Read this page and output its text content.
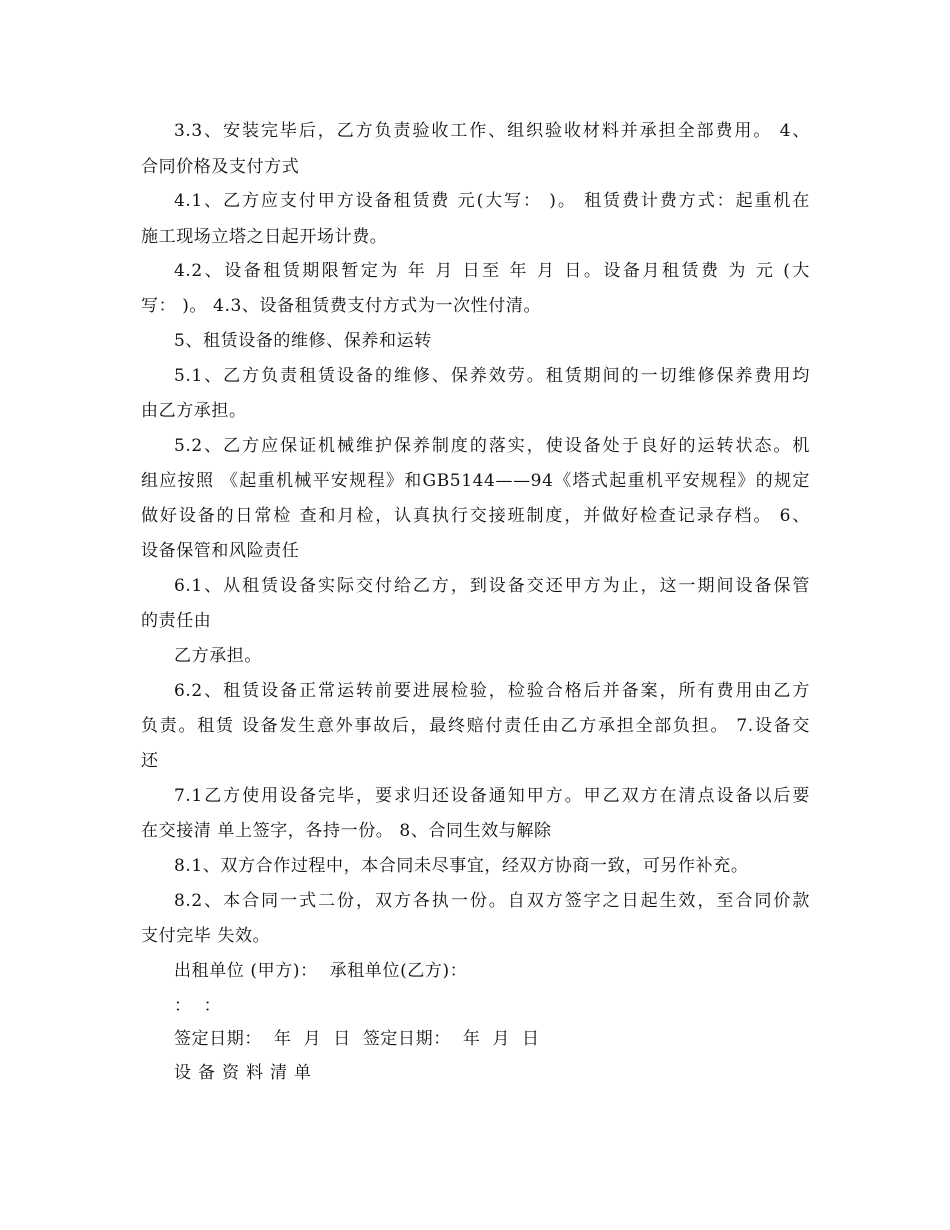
3.3、安装完毕后，乙方负责验收工作、组织验收材料并承担全部费用。 4、
合同价格及支付方式
4.1、乙方应支付甲方设备租赁费 元(大写： )。 租赁费计费方式：起重机在
施工现场立塔之日起开场计费。
4.2、设备租赁期限暂定为 年 月 日至 年 月 日。设备月租赁费 为 元 (大
写： )。 4.3、设备租赁费支付方式为一次性付清。
5、租赁设备的维修、保养和运转
5.1、乙方负责租赁设备的维修、保养效劳。租赁期间的一切维修保养费用均
由乙方承担。
5.2、乙方应保证机械维护保养制度的落实，使设备处于良好的运转状态。机
组应按照 《起重机械平安规程》和GB5144——94《塔式起重机平安规程》的规定
做好设备的日常检 查和月检，认真执行交接班制度，并做好检查记录存档。 6、
设备保管和风险责任
6.1、从租赁设备实际交付给乙方，到设备交还甲方为止，这一期间设备保管
的责任由
乙方承担。
6.2、租赁设备正常运转前要进展检验，检验合格后并备案，所有费用由乙方
负责。租赁 设备发生意外事故后，最终赔付责任由乙方承担全部负担。 7.设备交
还
7.1乙方使用设备完毕，要求归还设备通知甲方。甲乙双方在清点设备以后要
在交接清 单上签字，各持一份。 8、合同生效与解除
8.1、双方合作过程中，本合同未尽事宜，经双方协商一致，可另作补充。
8.2、本合同一式二份，双方各执一份。自双方签字之日起生效，至合同价款
支付完毕 失效。
出租单位 (甲方)：  承租单位(乙方)：
：  ：
签定日期：  年  月  日  签定日期：  年  月  日
设备资料清单
